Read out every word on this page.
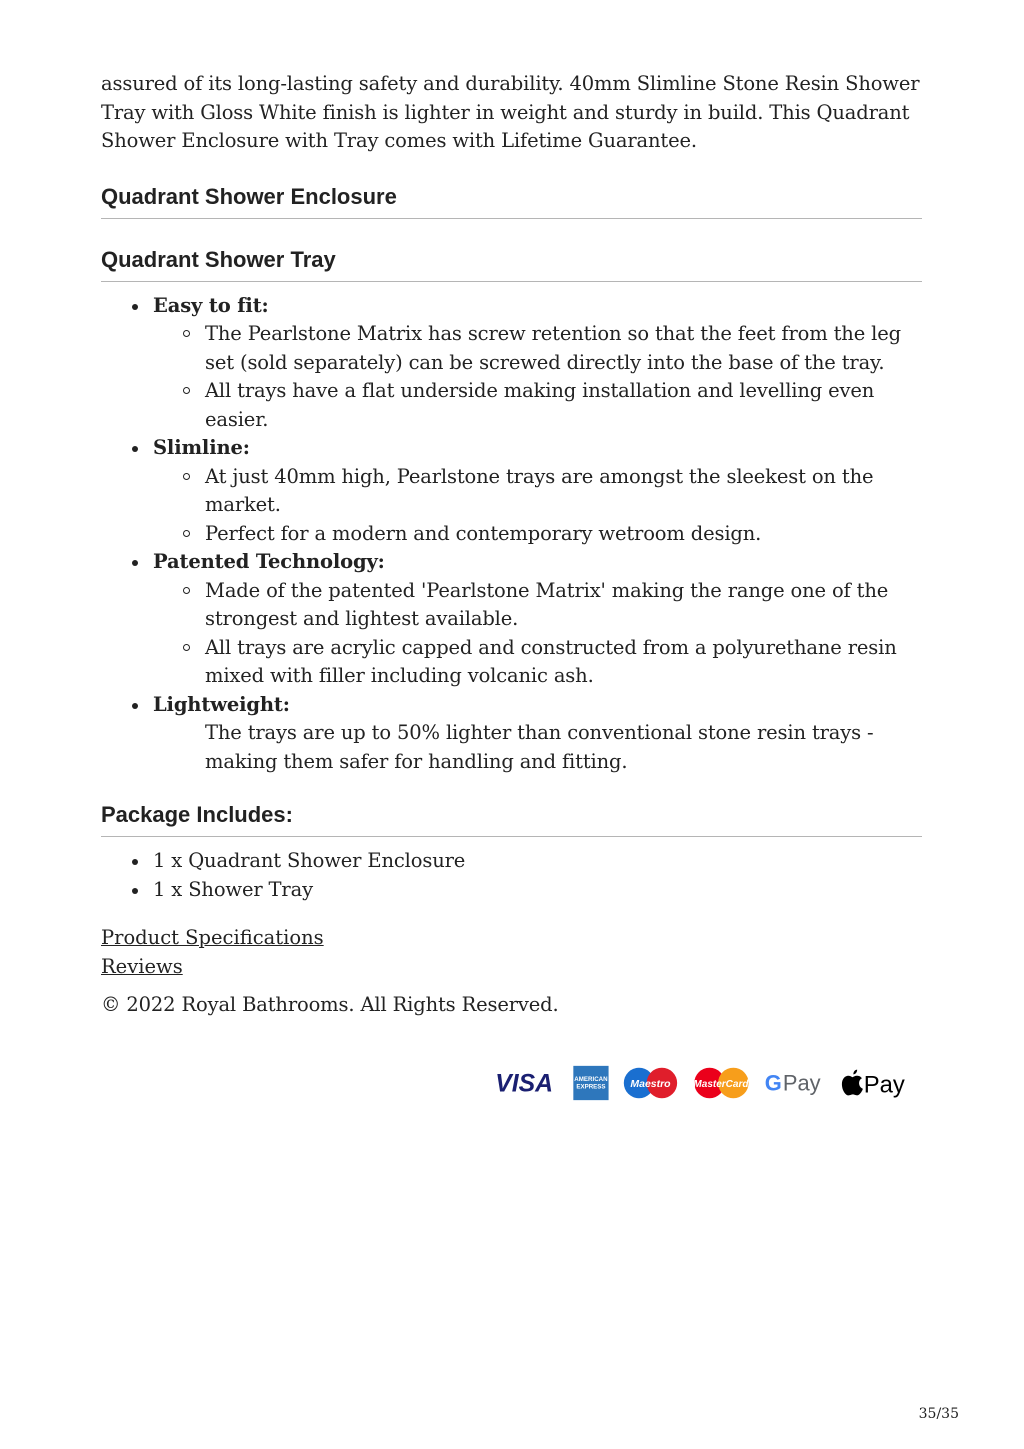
assured of its long-lasting safety and durability. 40mm Slimline Stone Resin Shower Tray with Gloss White finish is lighter in weight and sturdy in build. This Quadrant Shower Enclosure with Tray comes with Lifetime Guarantee.

Quadrant Shower Enclosure
Quadrant Shower Tray
Easy to fit:
The Pearlstone Matrix has screw retention so that the feet from the leg set (sold separately) can be screwed directly into the base of the tray.
All trays have a flat underside making installation and levelling even easier.
Slimline:
At just 40mm high, Pearlstone trays are amongst the sleekest on the market.
Perfect for a modern and contemporary wetroom design.
Patented Technology:
Made of the patented 'Pearlstone Matrix' making the range one of the strongest and lightest available.
All trays are acrylic capped and constructed from a polyurethane resin mixed with filler including volcanic ash.
Lightweight:
The trays are up to 50% lighter than conventional stone resin trays - making them safer for handling and fitting.
Package Includes:
1 x Quadrant Shower Enclosure
1 x Shower Tray
Product Specifications
Reviews

© 2022 Royal Bathrooms. All Rights Reserved.

VISA	AMERICAN
EXPRESS Maestro MasterCard G Pay Pay
35/35
